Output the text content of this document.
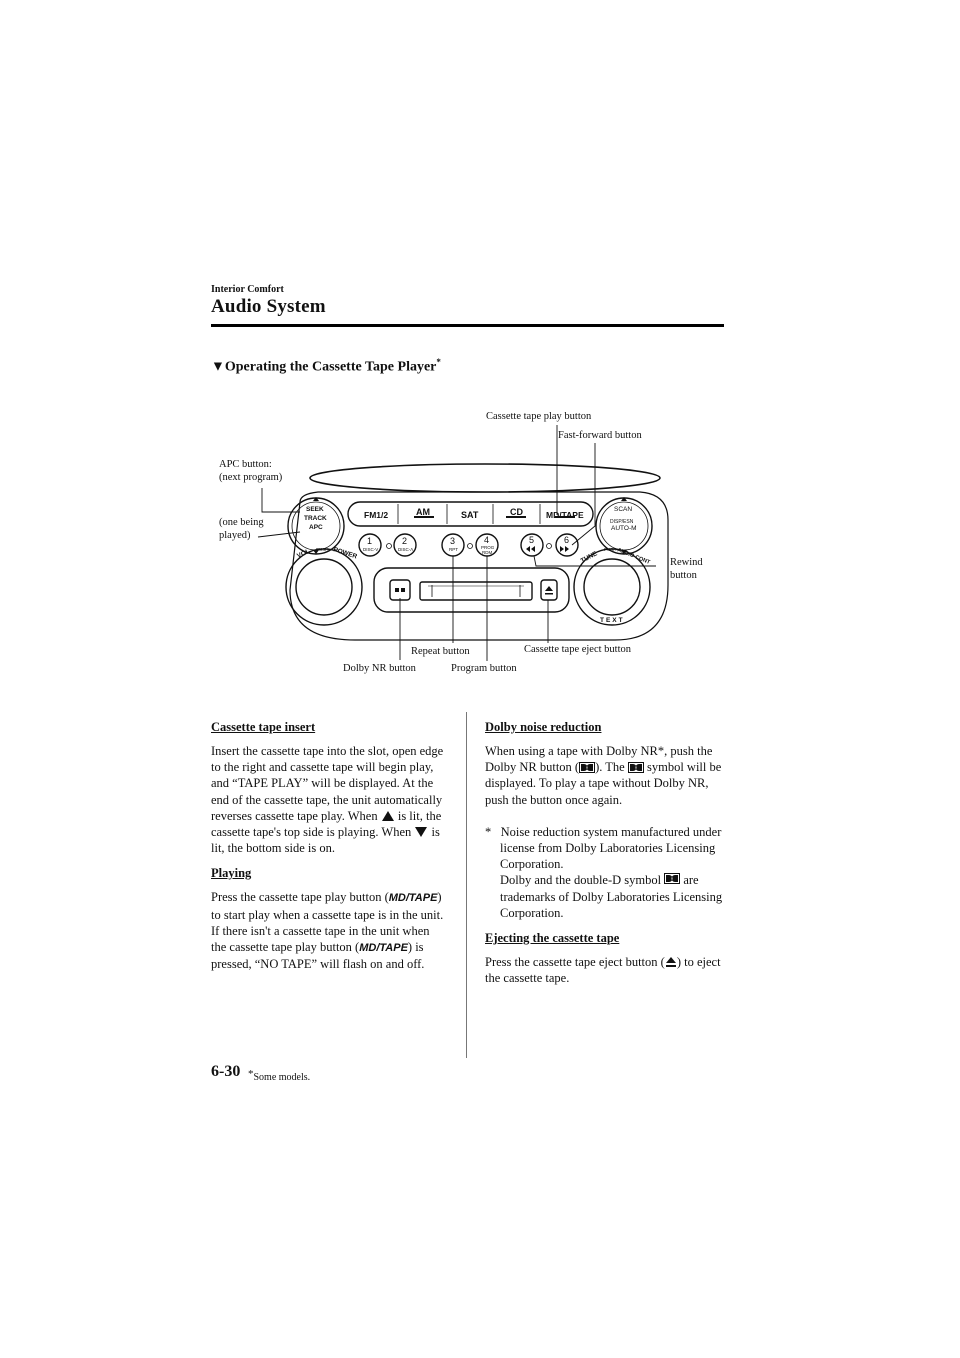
Interior Comfort
Audio System
▼Operating the Cassette Tape Player*
FM1/2	AM	SAT	CD	MD/TAPE
SEEK
TRACK
APC
SCAN
DISP/ESN
AUTO-M
1
DISC-V
2
DISC-Λ
3
RPT
4
PROG
RDM
5	6
VOL PUSH POWER	TUNE
PUSH AUDIO CONT
TEXT
Cassette tape play button
Fast-forward button
APC button:
(next program)
(one being
played)
Rewind
button
Repeat button	Cassette tape eject button
Dolby NR button	Program button
Cassette tape insert

Insert the cassette tape into the slot, open edge to the right and cassette tape will begin play, and “TAPE PLAY” will be displayed. At the end of the cassette tape, the unit automatically reverses cassette tape play. When is lit, the cassette tape's top side is playing. When is lit, the bottom side is on.

Playing

Press the cassette tape play button (MD/TAPE) to start play when a cassette tape is in the unit. If there isn't a cassette tape in the unit when the cassette tape play button (MD/TAPE) is pressed, “NO TAPE” will flash on and off.

Dolby noise reduction

When using a tape with Dolby NR*, push the Dolby NR button ( ). The symbol will be displayed. To play a tape without Dolby NR, push the button once again.

* Noise reduction system manufactured under license from Dolby Laboratories Licensing Corporation.
Dolby and the double-D symbol are trademarks of Dolby Laboratories Licensing Corporation.

Ejecting the cassette tape

Press the cassette tape eject button ( ) to eject the cassette tape.

6-30 *Some models.
